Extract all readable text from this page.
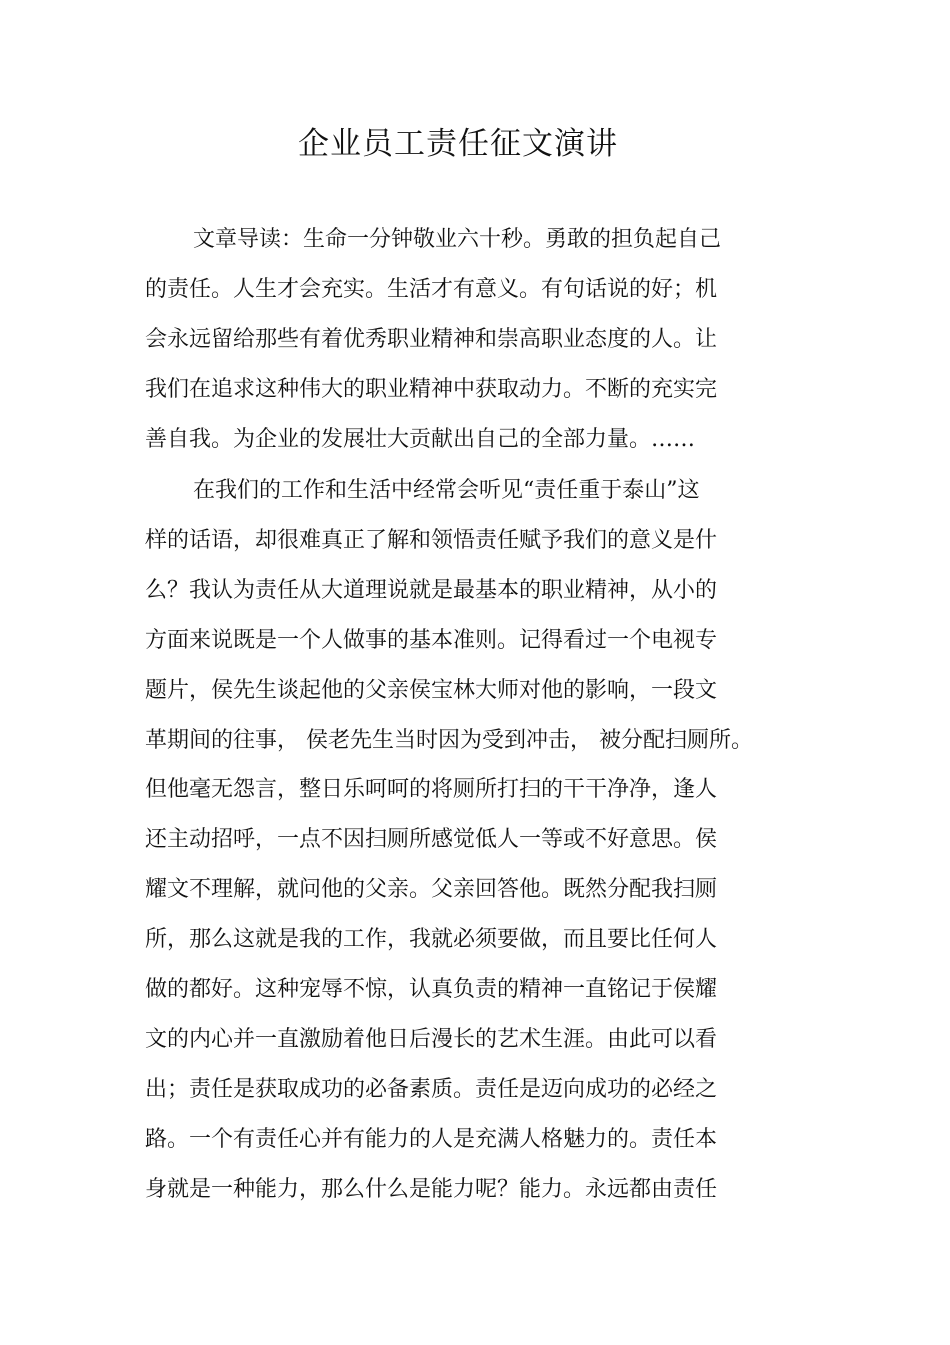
企业员工责任征文演讲

文章导读：生命一分钟敬业六十秒。勇敢的担负起自己

的责任。人生才会充实。生活才有意义。有句话说的好；机

会永远留给那些有着优秀职业精神和崇高职业态度的人。让

我们在追求这种伟大的职业精神中获取动力。不断的充实完

善自我。为企业的发展壮大贡献出自己的全部力量。……

在我们的工作和生活中经常会听见“责任重于泰山”这

样的话语，却很难真正了解和领悟责任赋予我们的意义是什

么？我认为责任从大道理说就是最基本的职业精神，从小的

方面来说既是一个人做事的基本准则。记得看过一个电视专

题片，侯先生谈起他的父亲侯宝林大师对他的影响，一段文

革期间的往事， 侯老先生当时因为受到冲击， 被分配扫厕所。

但他毫无怨言，整日乐呵呵的将厕所打扫的干干净净，逢人

还主动招呼，一点不因扫厕所感觉低人一等或不好意思。侯

耀文不理解，就问他的父亲。父亲回答他。既然分配我扫厕

所，那么这就是我的工作，我就必须要做，而且要比任何人

做的都好。这种宠辱不惊，认真负责的精神一直铭记于侯耀

文的内心并一直激励着他日后漫长的艺术生涯。由此可以看

出；责任是获取成功的必备素质。责任是迈向成功的必经之

路。一个有责任心并有能力的人是充满人格魅力的。责任本

身就是一种能力，那么什么是能力呢？能力。永远都由责任
